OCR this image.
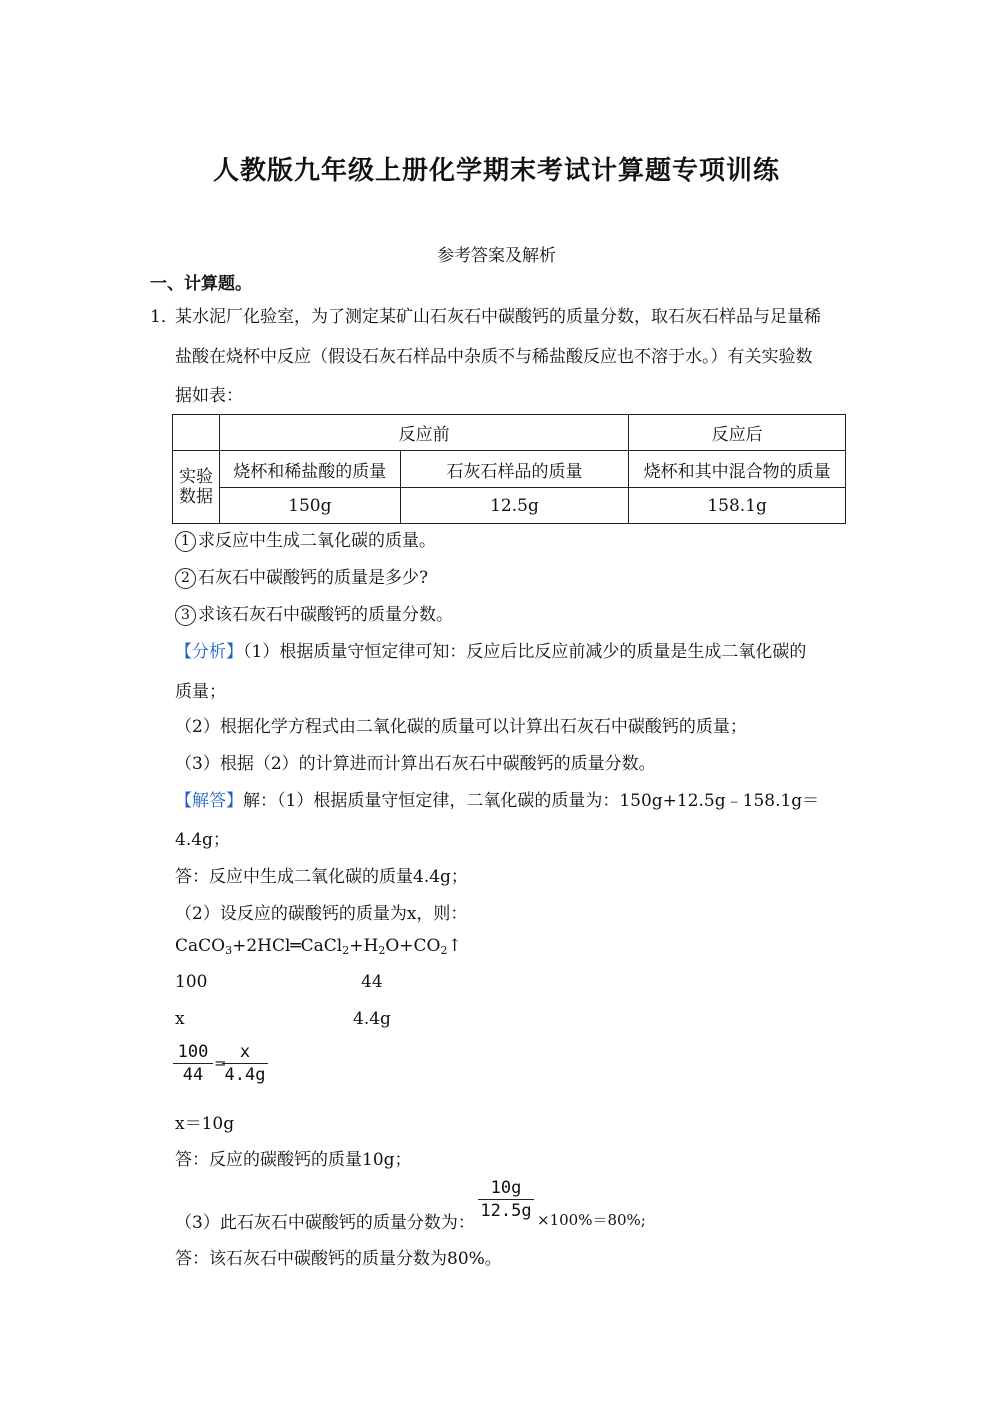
人教版九年级上册化学期末考试计算题专项训练
参考答案及解析
一、计算题。
1．
某水泥厂化验室，为了测定某矿山石灰石中碳酸钙的质量分数，取石灰石样品与足量稀
盐酸在烧杯中反应（假设石灰石样品中杂质不与稀盐酸反应也不溶于水。）有关实验数
据如表：
	反应前		反应后
实验
数据	烧杯和稀盐酸的质量	石灰石样品的质量	烧杯和其中混合物的质量
	150g	12.5g	158.1g
1 求反应中生成二氧化碳的质量。
2 石灰石中碳酸钙的质量是多少?
3 求该石灰石中碳酸钙的质量分数。
【分析】（1）根据质量守恒定律可知：反应后比反应前减少的质量是生成二氧化碳的
质量；
（2）根据化学方程式由二氧化碳的质量可以计算出石灰石中碳酸钙的质量；
（3）根据（2）的计算进而计算出石灰石中碳酸钙的质量分数。
【解答】解：（1）根据质量守恒定律，二氧化碳的质量为：150g+12.5g﹣158.1g＝
4.4g；
答：反应中生成二氧化碳的质量4.4g；
（2）设反应的碳酸钙的质量为x，则：
$CaCO_3+2HCl═CaCl_2+H_2O+CO_2↑$
100	44
x	4.4g
$\frac{100}{44}$ =
$\frac{x}{4.4g}$
x＝10g
答：反应的碳酸钙的质量10g；
（3）此石灰石中碳酸钙的质量分数为：
$\frac{10g}{12.5g} \times 100\%=80\%$;
答：该石灰石中碳酸钙的质量分数为80%。
